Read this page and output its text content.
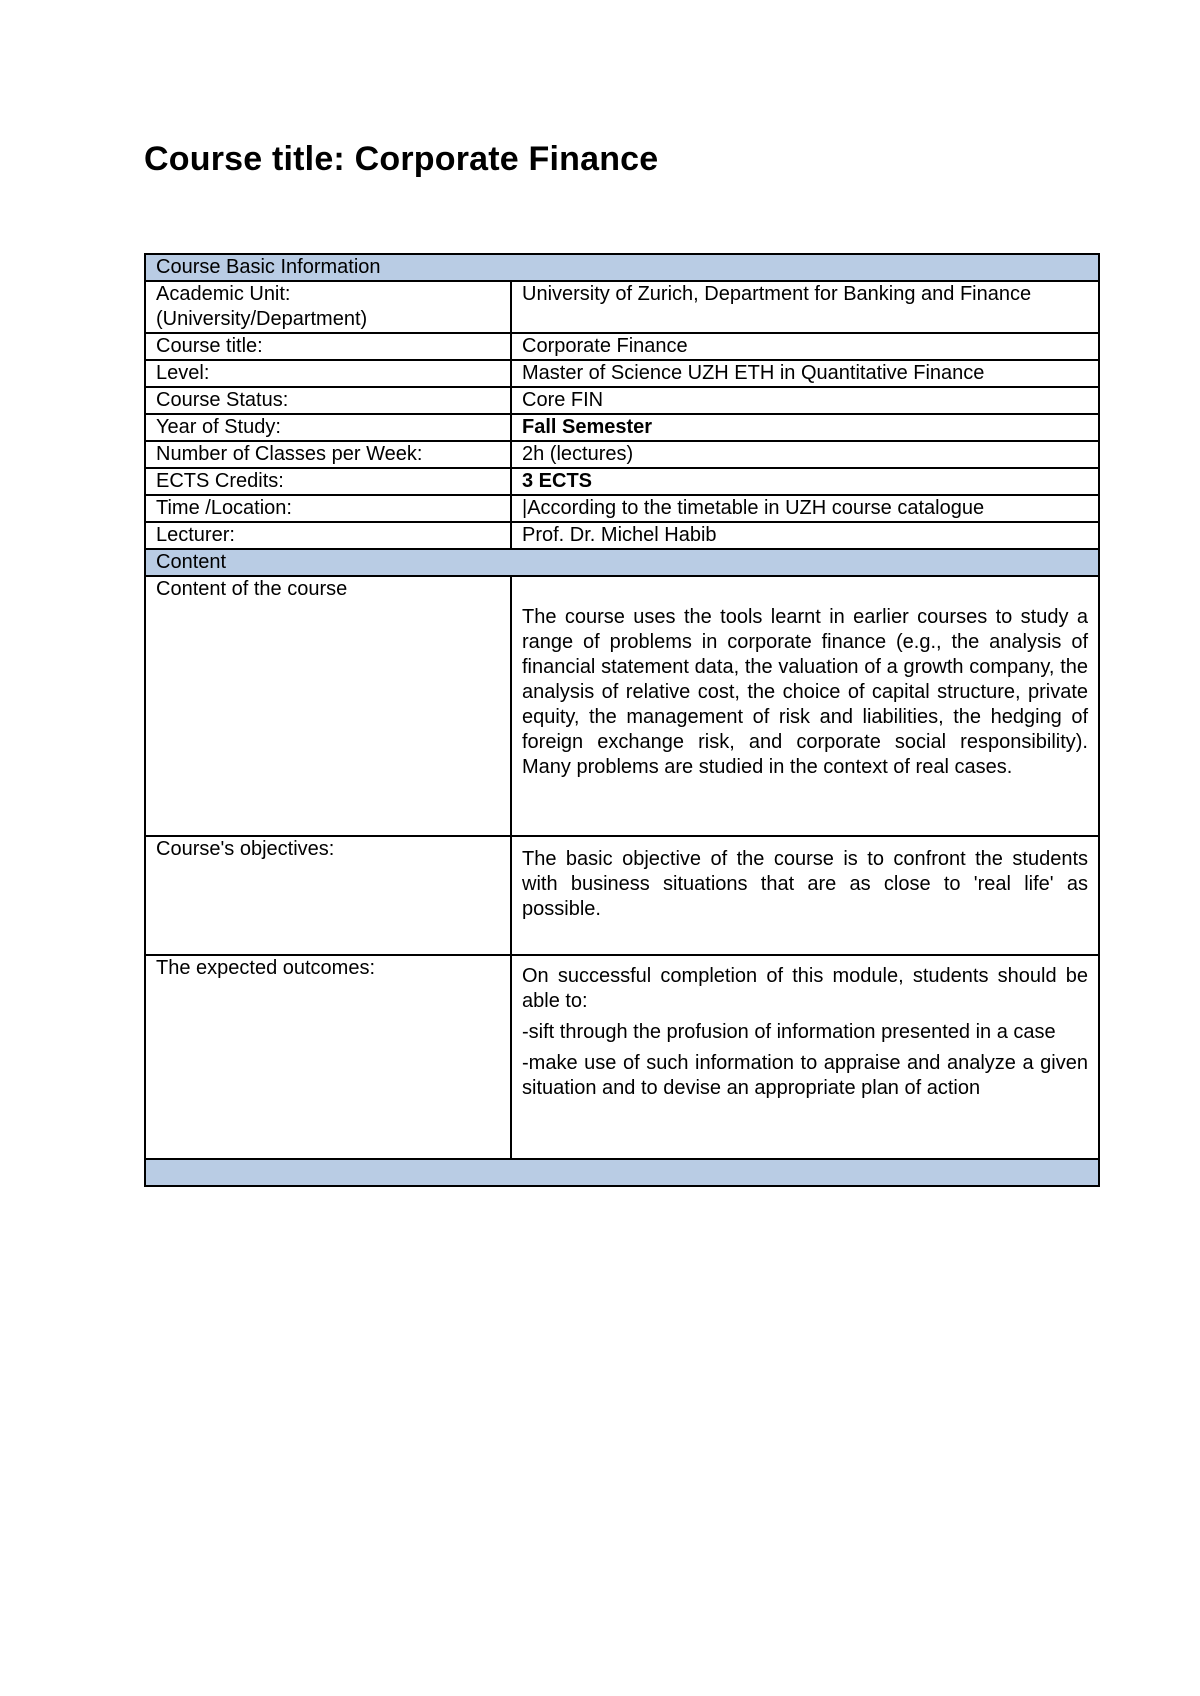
Course title: Corporate Finance
Course Basic Information	

Academic Unit:
(University/Department)	University of Zurich, Department for Banking and Finance
Course title:	Corporate Finance
Level:	Master of Science UZH ETH in Quantitative Finance
Course Status:	Core FIN
Year of Study:	Fall Semester
Number of Classes per Week:	2h (lectures)
ECTS Credits:	3 ECTS
Time /Location:	|According to the timetable in UZH course catalogue
Lecturer:	Prof. Dr. Michel Habib
Content	
Content of the course	The course uses the tools learnt in earlier courses to study a range of problems in corporate finance (e.g., the analysis of financial statement data, the valuation of a growth company, the analysis of relative cost, the choice of capital structure, private equity, the management of risk and liabilities, the hedging of foreign exchange risk, and corporate social responsibility). Many problems are studied in the context of real cases.

Course's objectives:	The basic objective of the course is to confront the students with business situations that are as close to 'real life' as possible.

The expected outcomes:	On successful completion of this module, students should be able to:

-sift through the profusion of information presented in a case

-make use of such information to appraise and analyze a given situation and to devise an appropriate plan of action
